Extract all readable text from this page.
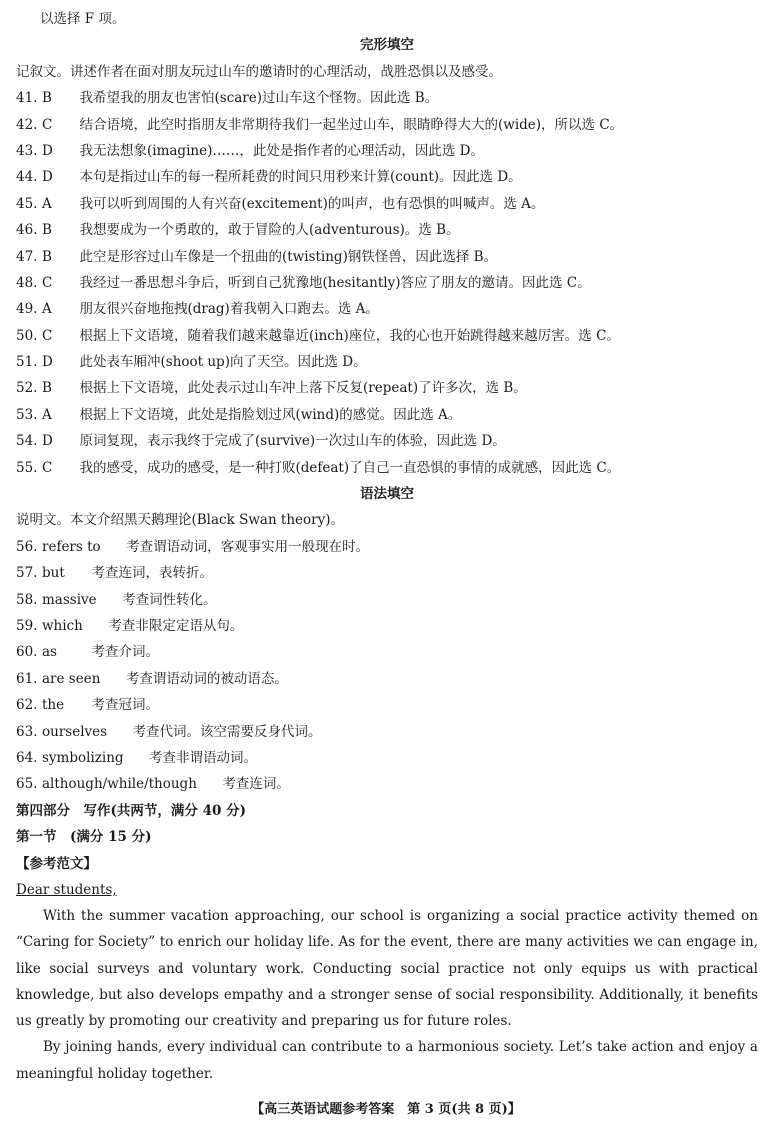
以选择 F 项。
完形填空
记叙文。讲述作者在面对朋友玩过山车的邀请时的心理活动，战胜恐惧以及感受。
41. B  我希望我的朋友也害怕(scare)过山车这个怪物。因此选 B。
42. C  结合语境，此空时指朋友非常期待我们一起坐过山车，眼睛睁得大大的(wide)，所以选 C。
43. D  我无法想象(imagine)……，此处是指作者的心理活动，因此选 D。
44. D  本句是指过山车的每一程所耗费的时间只用秒来计算(count)。因此选 D。
45. A  我可以听到周围的人有兴奋(excitement)的叫声，也有恐惧的叫喊声。选 A。
46. B  我想要成为一个勇敢的，敢于冒险的人(adventurous)。选 B。
47. B  此空是形容过山车像是一个扭曲的(twisting)钢铁怪兽，因此选择 B。
48. C  我经过一番思想斗争后，听到自己犹豫地(hesitantly)答应了朋友的邀请。因此选 C。
49. A  朋友很兴奋地拖拽(drag)着我朝入口跑去。选 A。
50. C  根据上下文语境，随着我们越来越靠近(inch)座位，我的心也开始跳得越来越厉害。选 C。
51. D  此处表车厢冲(shoot up)向了天空。因此选 D。
52. B  根据上下文语境，此处表示过山车冲上落下反复(repeat)了许多次，选 B。
53. A  根据上下文语境，此处是指脸划过风(wind)的感觉。因此选 A。
54. D  原词复现，表示我终于完成了(survive)一次过山车的体验，因此选 D。
55. C  我的感受，成功的感受，是一种打败(defeat)了自己一直恐惧的事情的成就感，因此选 C。
语法填空
说明文。本文介绍黑天鹅理论(Black Swan theory)。
56. refers to  考查谓语动词，客观事实用一般现在时。
57. but  考查连词，表转折。
58. massive  考查词性转化。
59. which  考查非限定定语从句。
60. as 	考查介词。
61. are seen  考查谓语动词的被动语态。
62. the  考查冠词。
63. ourselves  考查代词。该空需要反身代词。
64. symbolizing  考查非谓语动词。
65. although/while/though  考查连词。
第四部分　写作(共两节，满分 40 分)
第一节　(满分 15 分)
【参考范文】
Dear students,

With the summer vacation approaching, our school is organizing a social practice activity themed on “Caring for Society” to enrich our holiday life. As for the event, there are many activities we can engage in, like social surveys and voluntary work. Conducting social practice not only equips us with practical knowledge, but also develops empathy and a stronger sense of social responsibility. Additionally, it benefits us greatly by promoting our creativity and preparing us for future roles.

By joining hands, every individual can contribute to a harmonious society. Let’s take action and enjoy a meaningful holiday together.

【高三英语试题参考答案　第 3 页(共 8 页)】
